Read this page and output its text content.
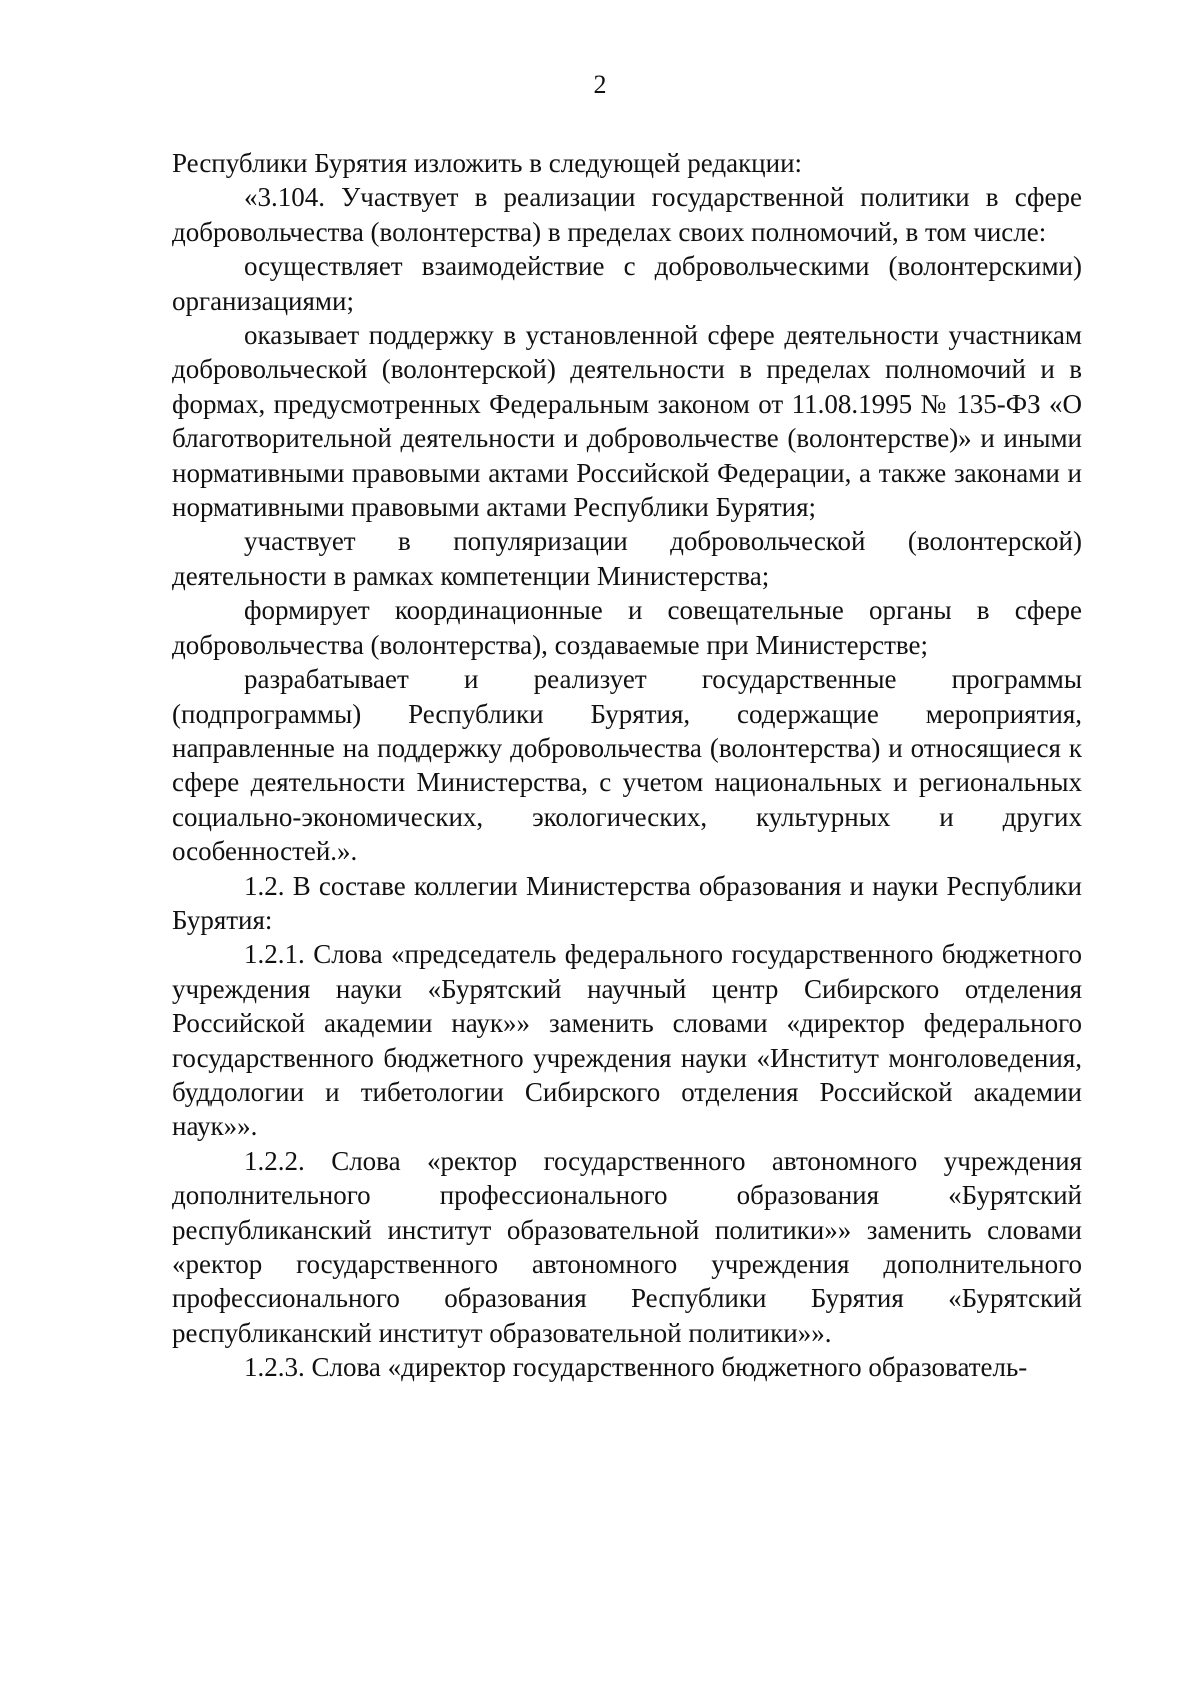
2

Республики Бурятия изложить в следующей редакции:

«3.104. Участвует в реализации государственной политики в сфере добровольчества (волонтерства) в пределах своих полномочий, в том числе:

осуществляет взаимодействие с добровольческими (волонтерскими) организациями;

оказывает поддержку в установленной сфере деятельности участникам добровольческой (волонтерской) деятельности в пределах полномочий и в формах, предусмотренных Федеральным законом от 11.08.1995 № 135-ФЗ «О благотворительной деятельности и добровольчестве (волонтерстве)» и иными нормативными правовыми актами Российской Федерации, а также законами и нормативными правовыми актами Республики Бурятия;

участвует в популяризации добровольческой (волонтерской) деятельности в рамках компетенции Министерства;

формирует координационные и совещательные органы в сфере добровольчества (волонтерства), создаваемые при Министерстве;

разрабатывает и реализует государственные программы (подпрограммы) Республики Бурятия, содержащие мероприятия, направленные на поддержку добровольчества (волонтерства) и относящиеся к сфере деятельности Министерства, с учетом национальных и региональных социально-экономических, экологических, культурных и других особенностей.».

1.2. В составе коллегии Министерства образования и науки Республики Бурятия:

1.2.1. Слова «председатель федерального государственного бюджетного учреждения науки «Бурятский научный центр Сибирского отделения Российской академии наук»» заменить словами «директор федерального государственного бюджетного учреждения науки «Институт монголоведения, буддологии и тибетологии Сибирского отделения Российской академии наук»».

1.2.2. Слова «ректор государственного автономного учреждения дополнительного профессионального образования «Бурятский республиканский институт образовательной политики»» заменить словами «ректор государственного автономного учреждения дополнительного профессионального образования Республики Бурятия «Бурятский республиканский институт образовательной политики»».

1.2.3. Слова «директор государственного бюджетного образователь-
